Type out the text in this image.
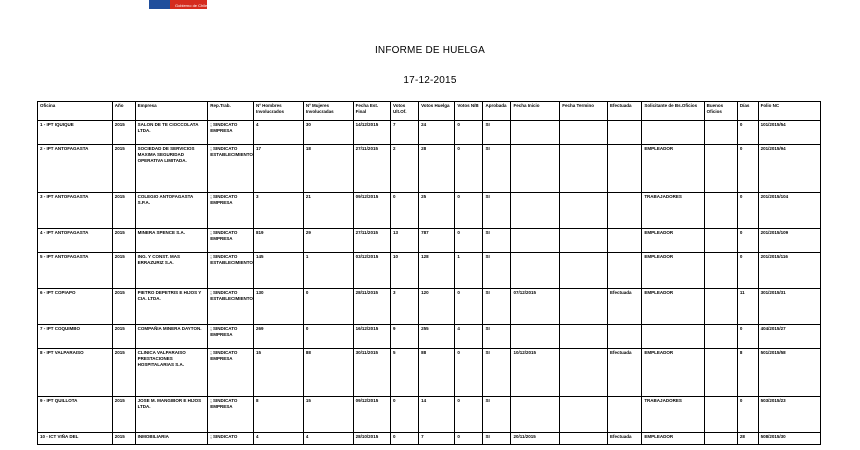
Gobierno de Chile
INFORME DE HUELGA
17-12-2015
Oficina	Año	Empresa	Rep.Trab.	Nº Hombres Involucrados	Nº Mujeres Involucradas	Fecha Est. Final	Votos Ult.Of.	Votos Huelga	Votos N/B	Aprobada	Fecha Inicio	Fecha Termino	Efectuada	Solicitante de Bs.Oficios	Buenos Oficios	Días	Folio NC
1 - IPT IQUIQUE	2015	SALON DE TE CIOCCOLATA LTDA.	; SINDICATO EMPRESA	4	30	14/12/2015	7	24	0	SI						0	101/2015/54
2 - IPT ANTOFAGASTA	2015	SOCIEDAD DE SERVICIOS MAXIMA SEGURIDAD OPERATIVA LIMITADA.	; SINDICATO ESTABLECIMIENTO	17	18	27/11/2015	2	28	0	SI				EMPLEADOR		0	201/2015/94
3 - IPT ANTOFAGASTA	2015	COLEGIO ANTOFAGASTA S.P.A.	; SINDICATO EMPRESA	3	21	09/12/2015	0	25	0	SI				TRABAJADORES		0	201/2015/104
4 - IPT ANTOFAGASTA	2015	MINERA SPENCE S.A.	; SINDICATO EMPRESA	819	29	27/11/2015	13	787	0	SI				EMPLEADOR		0	201/2015/109
5 - IPT ANTOFAGASTA	2015	ING. Y CONST. MAS ERRAZURIZ S.A.	; SINDICATO ESTABLECIMIENTO	145	1	03/12/2015	10	128	1	SI				EMPLEADOR		0	201/2015/116
6 - IPT COPIAPO	2015	PIETRO DEPETRIS E HIJOS Y CIA. LTDA.	; SINDICATO ESTABLECIMIENTO	130	0	28/11/2015	3	120	0	SI	07/12/2015		Efectuada	EMPLEADOR		11	301/2015/31
7 - IPT COQUIMBO	2015	COMPAÑIA MINERA DAYTON.	; SINDICATO EMPRESA	269	0	16/12/2015	9	255	4	SI						0	404/2015/27
8 - IPT VALPARAISO	2015	CLINICA VALPARAISO PRESTACIONES HOSPITALARIAS S.A.	; SINDICATO EMPRESA	15	88	30/11/2015	5	88	0	SI	10/12/2015		Efectuada	EMPLEADOR		8	501/2015/58
9 - IPT QUILLOTA	2015	JOSE M. MANGIBOR E HIJOS LTDA.	; SINDICATO EMPRESA	8	15	09/12/2015	0	14	0	SI				TRABAJADORES		0	503/2015/23
10 - ICT VIÑA DEL	2015	INMOBILIARIA	; SINDICATO	4	4	28/10/2015	0	7	0	SI	20/11/2015		Efectuada	EMPLEADOR		28	508/2015/30
